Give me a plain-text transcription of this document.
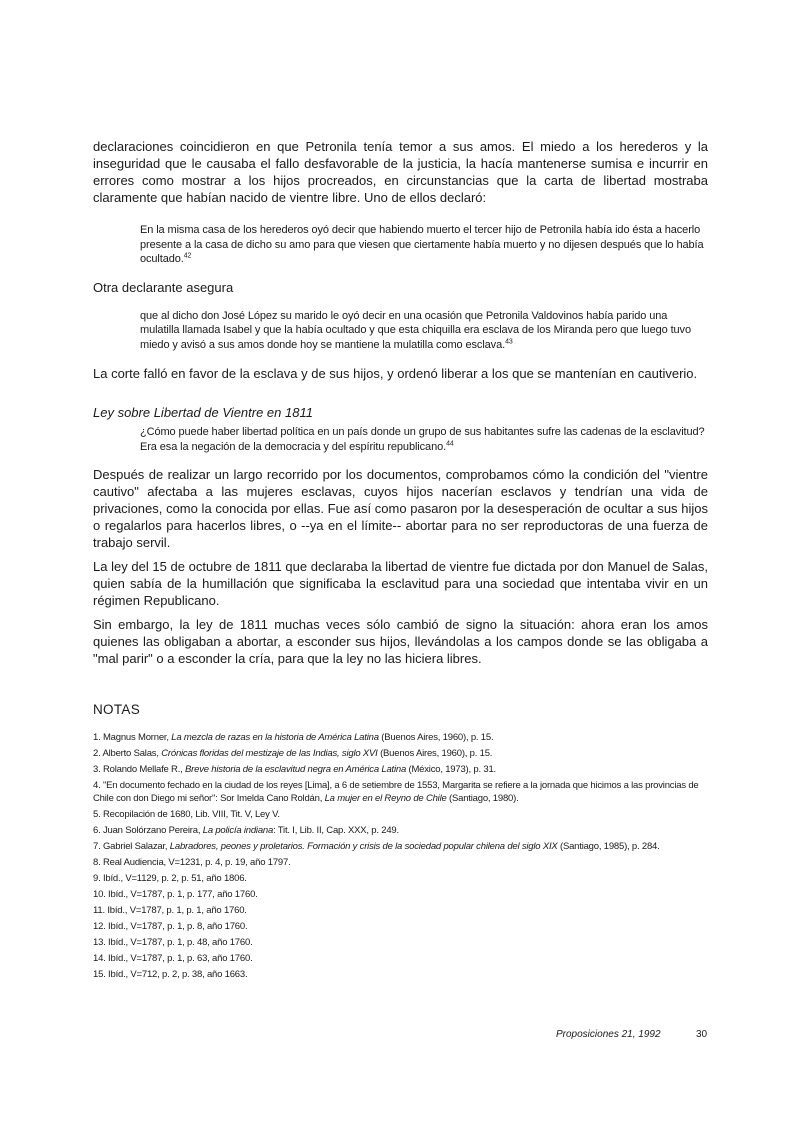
declaraciones coincidieron en que Petronila tenía temor a sus amos. El miedo a los herederos y la inseguridad que le causaba el fallo desfavorable de la justicia, la hacía mantenerse sumisa e incurrir en errores como mostrar a los hijos procreados, en circunstancias que la carta de libertad mostraba claramente que habían nacido de vientre libre. Uno de ellos declaró:

En la misma casa de los herederos oyó decir que habiendo muerto el tercer hijo de Petronila había ido ésta a hacerlo presente a la casa de dicho su amo para que viesen que ciertamente había muerto y no dijesen después que lo había ocultado.$^{42}$

Otra declarante asegura

que al dicho don José López su marido le oyó decir en una ocasión que Petronila Valdovinos había parido una mulatilla llamada Isabel y que la había ocultado y que esta chiquilla era esclava de los Miranda pero que luego tuvo miedo y avisó a sus amos donde hoy se mantiene la mulatilla como esclava.$^{43}$

La corte falló en favor de la esclava y de sus hijos, y ordenó liberar a los que se mantenían en cautiverio.

Ley sobre Libertad de Vientre en 1811

¿Cómo puede haber libertad política en un país donde un grupo de sus habitantes sufre las cadenas de la esclavitud? Era esa la negación de la democracia y del espíritu republicano.$^{44}$

Después de realizar un largo recorrido por los documentos, comprobamos cómo la condición del "vientre cautivo" afectaba a las mujeres esclavas, cuyos hijos nacerían esclavos y tendrían una vida de privaciones, como la conocida por ellas. Fue así como pasaron por la desesperación de ocultar a sus hijos o regalarlos para hacerlos libres, o --ya en el límite-- abortar para no ser reproductoras de una fuerza de trabajo servil.

La ley del 15 de octubre de 1811 que declaraba la libertad de vientre fue dictada por don Manuel de Salas, quien sabía de la humillación que significaba la esclavitud para una sociedad que intentaba vivir en un régimen Republicano.

Sin embargo, la ley de 1811 muchas veces sólo cambió de signo la situación: ahora eran los amos quienes las obligaban a abortar, a esconder sus hijos, llevándolas a los campos donde se las obligaba a "mal parir" o a esconder la cría, para que la ley no las hiciera libres.

NOTAS

1. Magnus Morner, La mezcla de razas en la historia de América Latina (Buenos Aires, 1960), p. 15.
2. Alberto Salas, Crónicas floridas del mestizaje de las Indias, siglo XVI (Buenos Aires, 1960), p. 15.
3. Rolando Mellafe R., Breve historia de la esclavitud negra en América Latina (México, 1973), p. 31.
4. "En documento fechado en la ciudad de los reyes [Lima], a 6 de setiembre de 1553, Margarita se refiere a la jornada que hicimos a las provincias de Chile con don Diego mi señor": Sor Imelda Cano Roldán, La mujer en el Reyno de Chile (Santiago, 1980).
5. Recopilación de 1680, Lib. VIII, Tit. V, Ley V.
6. Juan Solórzano Pereira, La policía indiana: Tit. I, Lib. II, Cap. XXX, p. 249.
7. Gabriel Salazar, Labradores, peones y proletarios. Formación y crisis de la sociedad popular chilena del siglo XIX (Santiago, 1985), p. 284.
8. Real Audiencia, V=1231, p. 4, p. 19, año 1797.
9. Ibíd., V=1129, p. 2, p. 51, año 1806.
10. Ibíd., V=1787, p. 1, p. 177, año 1760.
11. Ibíd., V=1787, p. 1, p. 1, año 1760.
12. Ibíd., V=1787, p. 1, p. 8, año 1760.
13. Ibíd., V=1787, p. 1, p. 48, año 1760.
14. Ibíd., V=1787, p. 1, p. 63, año 1760.
15. Ibíd., V=712, p. 2, p. 38, año 1663.
Proposiciones 21, 1992	30
